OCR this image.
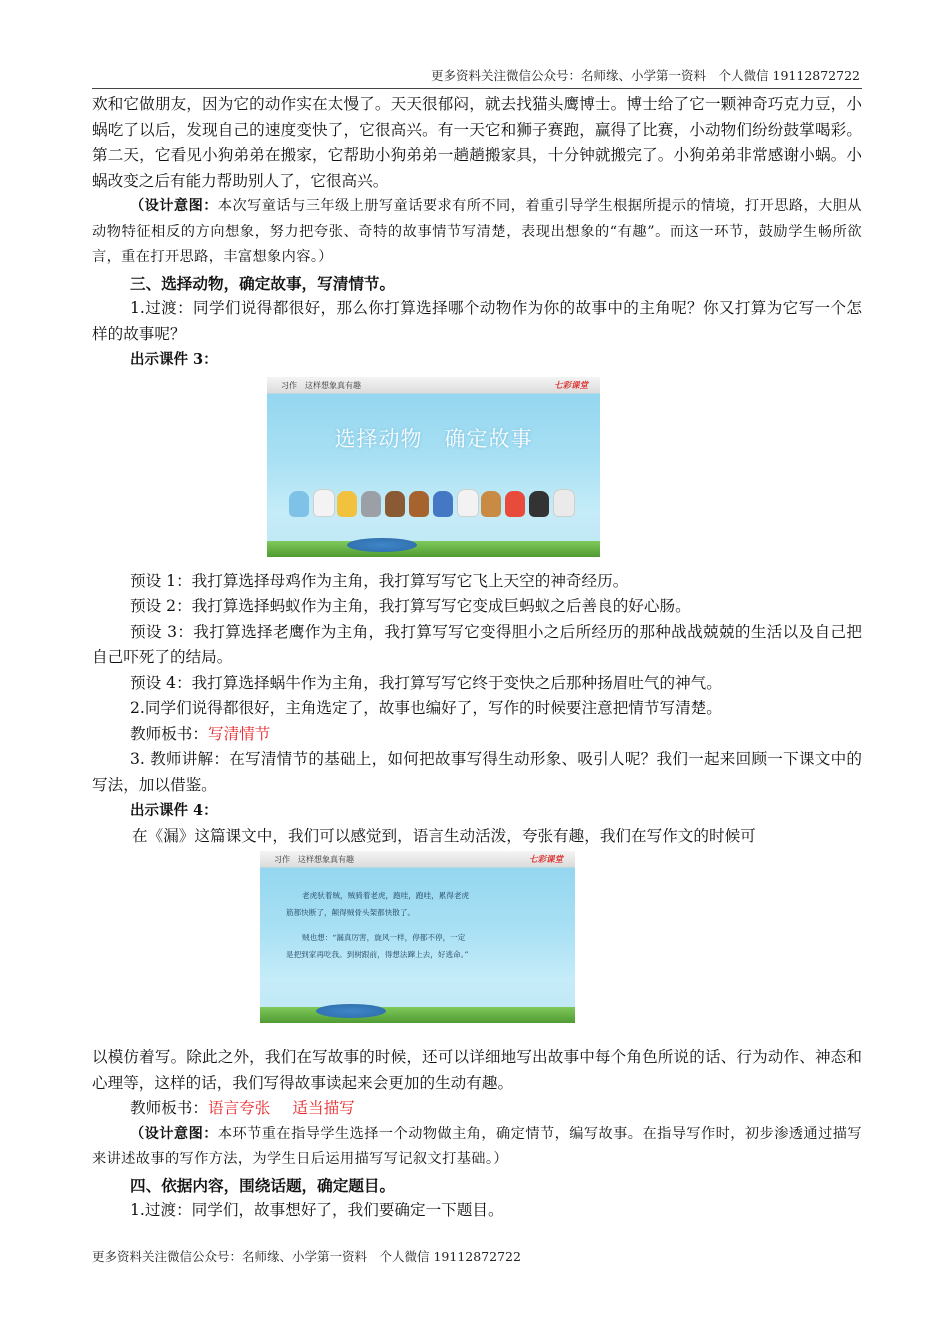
更多资料关注微信公众号：名师缘、小学第一资料　个人微信 19112872722

欢和它做朋友，因为它的动作实在太慢了。天天很郁闷，就去找猫头鹰博士。博士给了它一颗神奇巧克力豆，小蜗吃了以后，发现自己的速度变快了，它很高兴。有一天它和狮子赛跑，赢得了比赛，小动物们纷纷鼓掌喝彩。第二天，它看见小狗弟弟在搬家，它帮助小狗弟弟一趟趟搬家具，十分钟就搬完了。小狗弟弟非常感谢小蜗。小蜗改变之后有能力帮助别人了，它很高兴。

（设计意图：本次写童话与三年级上册写童话要求有所不同，着重引导学生根据所提示的情境，打开思路，大胆从动物特征相反的方向想象，努力把夸张、奇特的故事情节写清楚，表现出想象的“有趣”。而这一环节，鼓励学生畅所欲言，重在打开思路，丰富想象内容。）

三、选择动物，确定故事，写清情节。

1.过渡：同学们说得都很好，那么你打算选择哪个动物作为你的故事中的主角呢？你又打算为它写一个怎样的故事呢？

出示课件 3：

习作　这样想象真有趣	七彩课堂
选择动物　确定故事

预设 1：我打算选择母鸡作为主角，我打算写写它飞上天空的神奇经历。

预设 2：我打算选择蚂蚁作为主角，我打算写写它变成巨蚂蚁之后善良的好心肠。

预设 3：我打算选择老鹰作为主角，我打算写写它变得胆小之后所经历的那种战战兢兢的生活以及自己把自己吓死了的结局。

预设 4：我打算选择蜗牛作为主角，我打算写写它终于变快之后那种扬眉吐气的神气。

2.同学们说得都很好，主角选定了，故事也编好了，写作的时候要注意把情节写清楚。

教师板书：写清情节

3. 教师讲解：在写清情节的基础上，如何把故事写得生动形象、吸引人呢？我们一起来回顾一下课文中的写法，加以借鉴。

出示课件 4：

在《漏》这篇课文中，我们可以感觉到，语言生动活泼，夸张有趣，我们在写作文的时候可

习作　这样想象真有趣	七彩课堂
老虎驮着贼，贼骑着老虎，跑哇，跑哇，累得老虎
筋都快断了，颠得贼骨头架都快散了。
贼也想：“漏真厉害，旋风一样，停都不停，一定
是把到家再吃我。到树跟前，得想法蹿上去，好逃命。”

以模仿着写。除此之外，我们在写故事的时候，还可以详细地写出故事中每个角色所说的话、行为动作、神态和心理等，这样的话，我们写得故事读起来会更加的生动有趣。

教师板书：语言夸张 适当描写

（设计意图：本环节重在指导学生选择一个动物做主角，确定情节，编写故事。在指导写作时，初步渗透通过描写来讲述故事的写作方法，为学生日后运用描写写记叙文打基础。）

四、依据内容，围绕话题，确定题目。

1.过渡：同学们，故事想好了，我们要确定一下题目。

更多资料关注微信公众号：名师缘、小学第一资料　个人微信 19112872722
